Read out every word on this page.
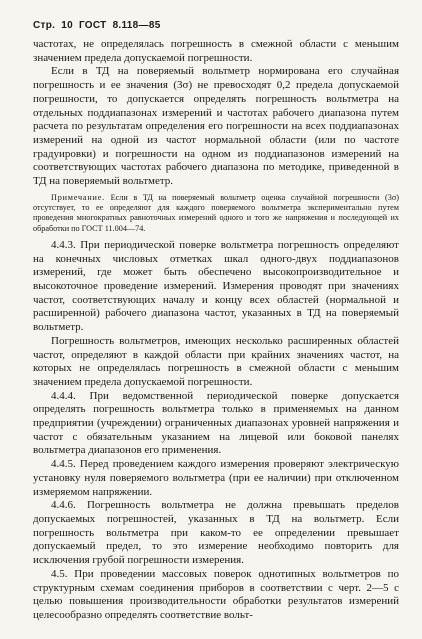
Стр. 10 ГОСТ 8.118—85

частотах, не определялась погрешность в смежной области с меньшим значением предела допускаемой погрешности.

Если в ТД на поверяемый вольтметр нормирована его случайная погрешность и ее значения (3σ) не превосходят 0,2 предела допускаемой погрешности, то допускается определять погрешность вольтметра на отдельных поддиапазонах измерений и частотах рабочего диапазона путем расчета по результатам определения его погрешности на всех поддиапазонах измерений на одной из частот нормальной области (или по частоте градуировки) и погрешности на одном из поддиапазонов измерений на соответствующих частотах рабочего диапазона по методике, приведенной в ТД на поверяемый вольтметр.

Примечание. Если в ТД на поверяемый вольтметр оценка случайной погрешности (3σ) отсутствует, то ее определяют для каждого поверяемого вольтметра экспериментально путем проведения многократных равноточных измерений одного и того же напряжения и последующей их обработки по ГОСТ 11.004—74.

4.4.3. При периодической поверке вольтметра погрешность определяют на конечных числовых отметках шкал одного-двух поддиапазонов измерений, где может быть обеспечено высокопроизводительное и высокоточное проведение измерений. Измерения проводят при значениях частот, соответствующих началу и концу всех областей (нормальной и расширенной) рабочего диапазона частот, указанных в ТД на поверяемый вольтметр.

Погрешность вольтметров, имеющих несколько расширенных областей частот, определяют в каждой области при крайних значениях частот, на которых не определялась погрешность в смежной области с меньшим значением предела допускаемой погрешности.

4.4.4. При ведомственной периодической поверке допускается определять погрешность вольтметра только в применяемых на данном предприятии (учреждении) ограниченных диапазонах уровней напряжения и частот с обязательным указанием на лицевой или боковой панелях вольтметра диапазонов его применения.

4.4.5. Перед проведением каждого измерения проверяют электрическую установку нуля поверяемого вольтметра (при ее наличии) при отключенном измеряемом напряжении.

4.4.6. Погрешность вольтметра не должна превышать пределов допускаемых погрешностей, указанных в ТД на вольтметр. Если погрешность вольтметра при каком-то ее определении превышает допускаемый предел, то это измерение необходимо повторить для исключения грубой погрешности измерения.

4.5. При проведении массовых поверок однотипных вольтметров по структурным схемам соединения приборов в соответствии с черт. 2—5 с целью повышения производительности обработки результатов измерений целесообразно определять соответствие вольт-
